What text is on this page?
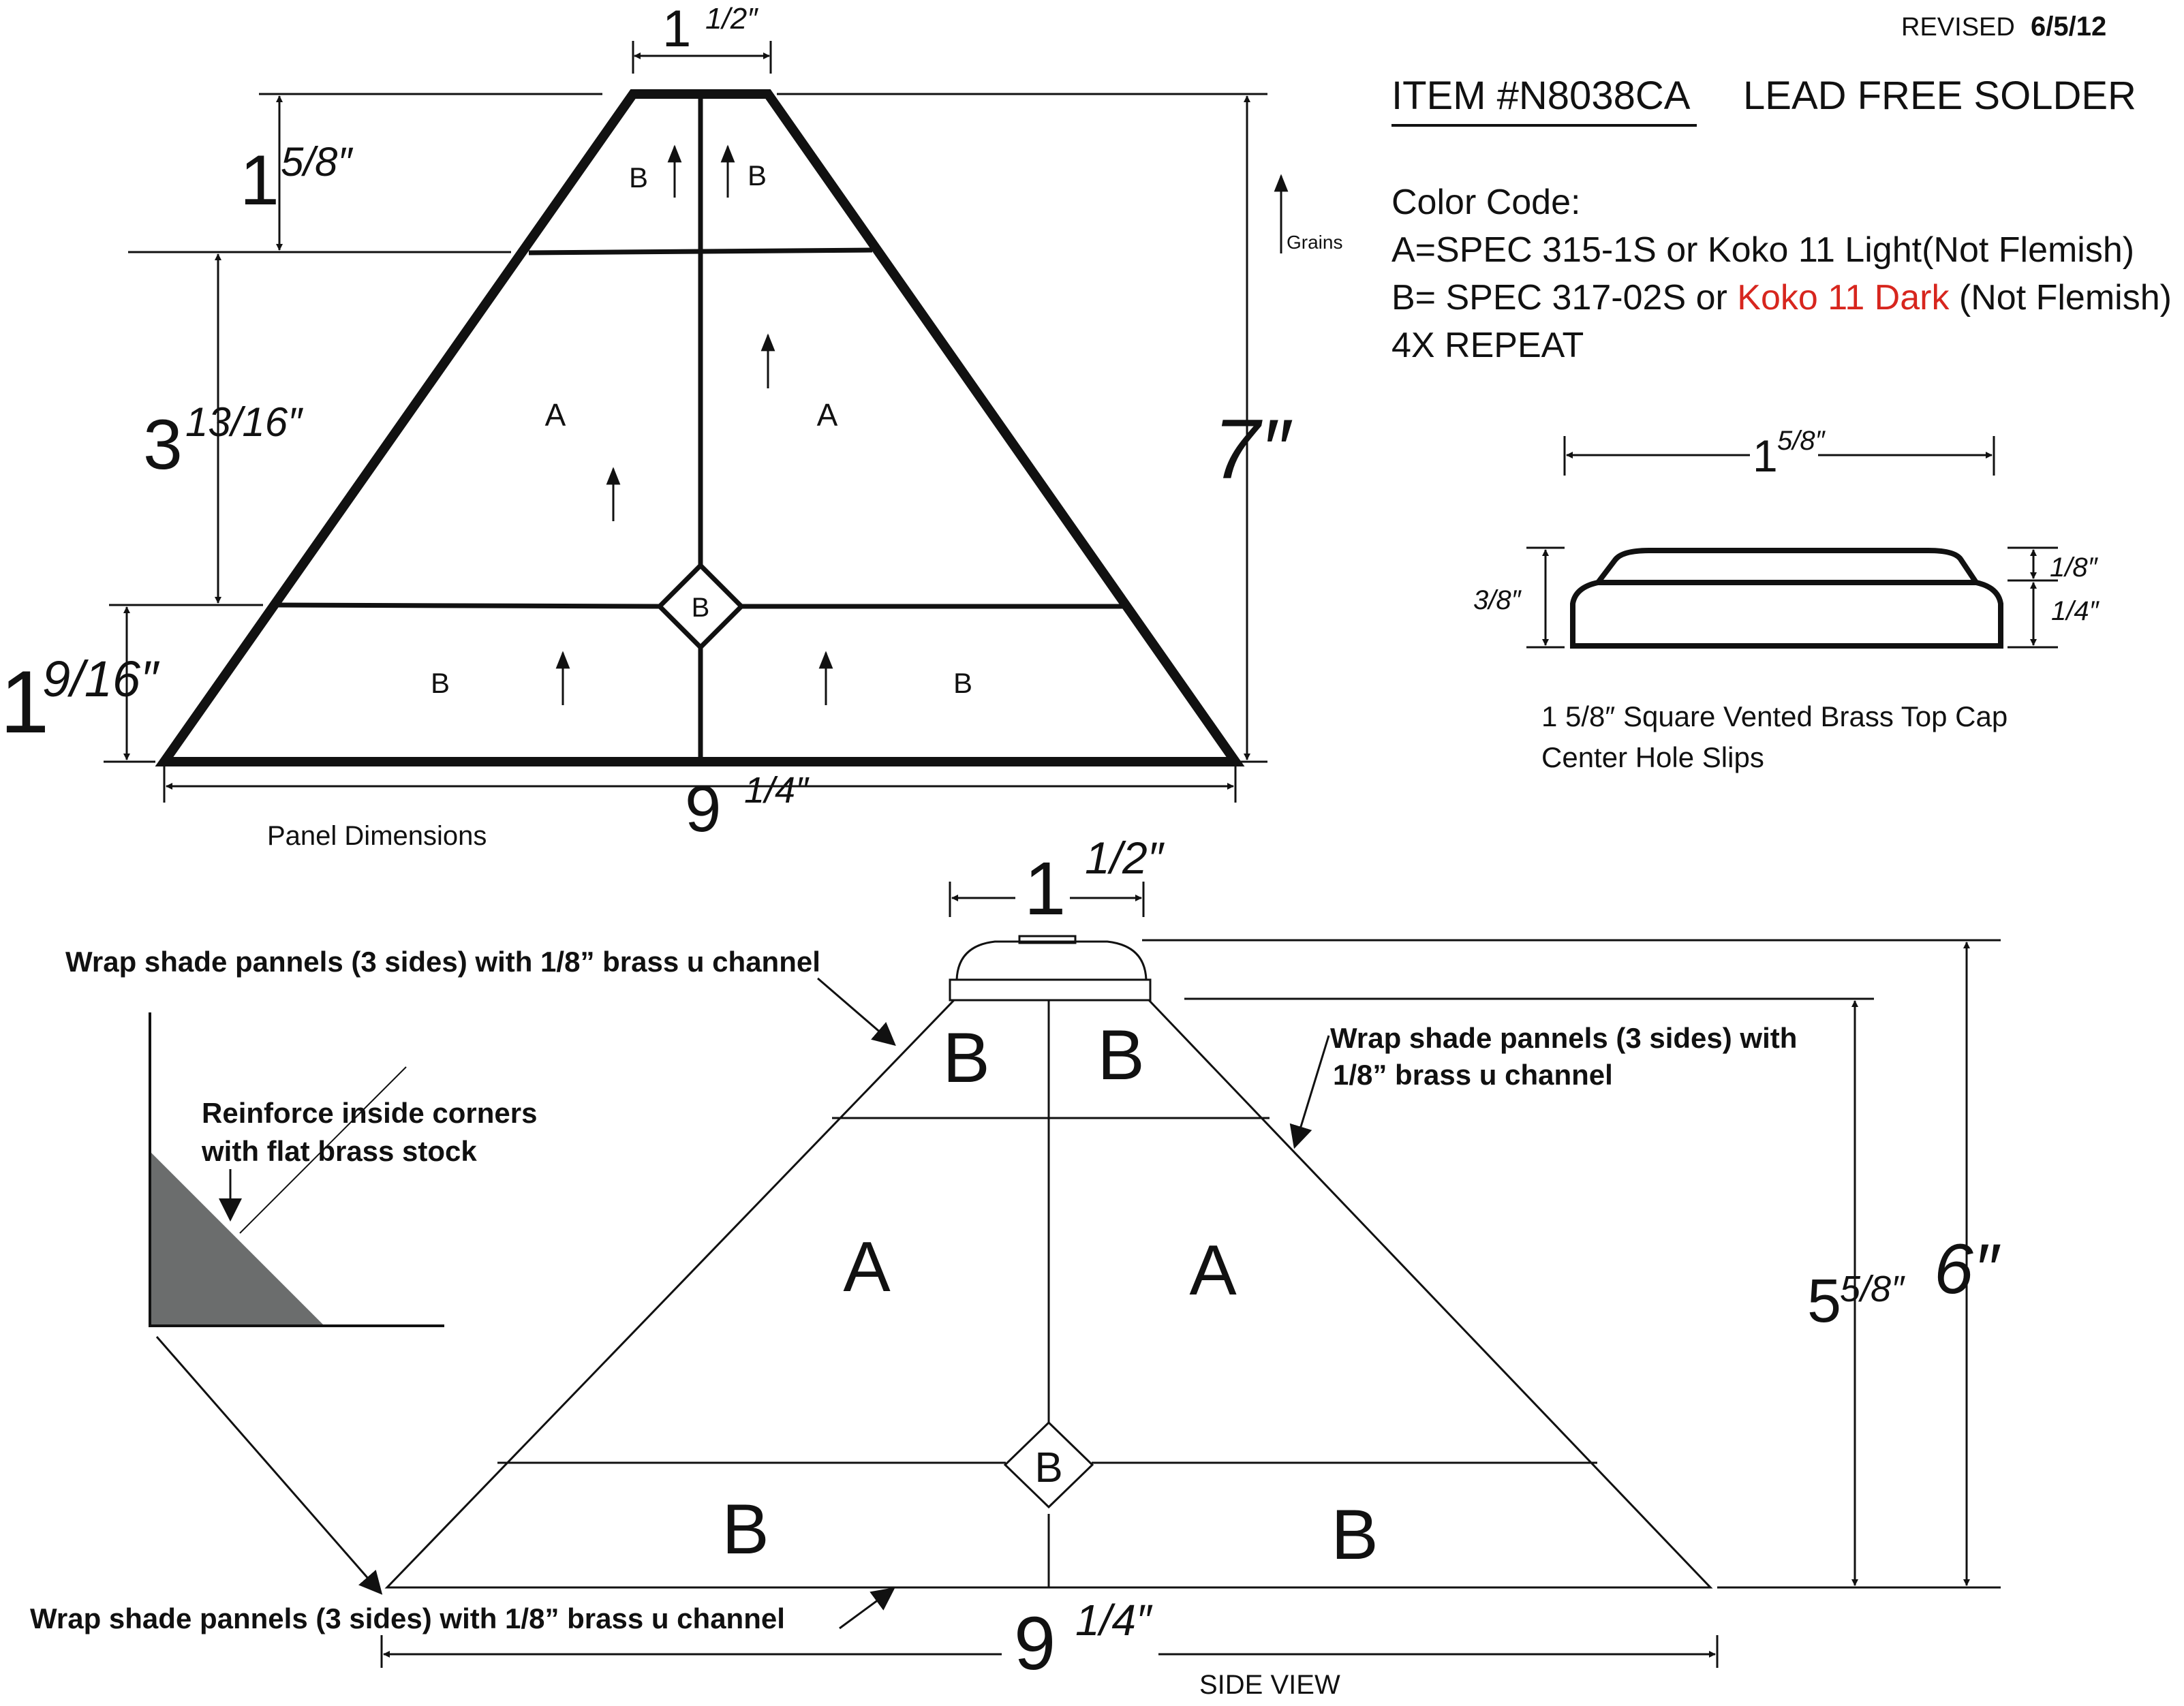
REVISED 6/5/12
ITEM #N8038CA LEAD FREE SOLDER
Color Code:
A=SPEC 315-1S or Koko 11 Light(Not Flemish)
B= SPEC 317-02S or Koko 11 Dark (Not Flemish)
4X REPEAT
B
B	B
A	A
B	B
Grains
1 1/2″
1 5/8″
3 13/16″
1
9/16″
7″
9 1/4″
Panel Dimensions
1 5/8″
3/8″
1/8″
1/4″
1 5/8″ Square Vented Brass Top Cap
Center Hole Slips
B
B B
A	A
B	B
1 1/2″
5
5/8″ 6″
9 1/4″
SIDE VIEW
Wrap shade pannels (3 sides) with 1/8” brass u channel
Wrap shade pannels (3 sides) with
1/8” brass u channel
Wrap shade pannels (3 sides) with 1/8” brass u channel
Reinforce inside corners
with flat brass stock
